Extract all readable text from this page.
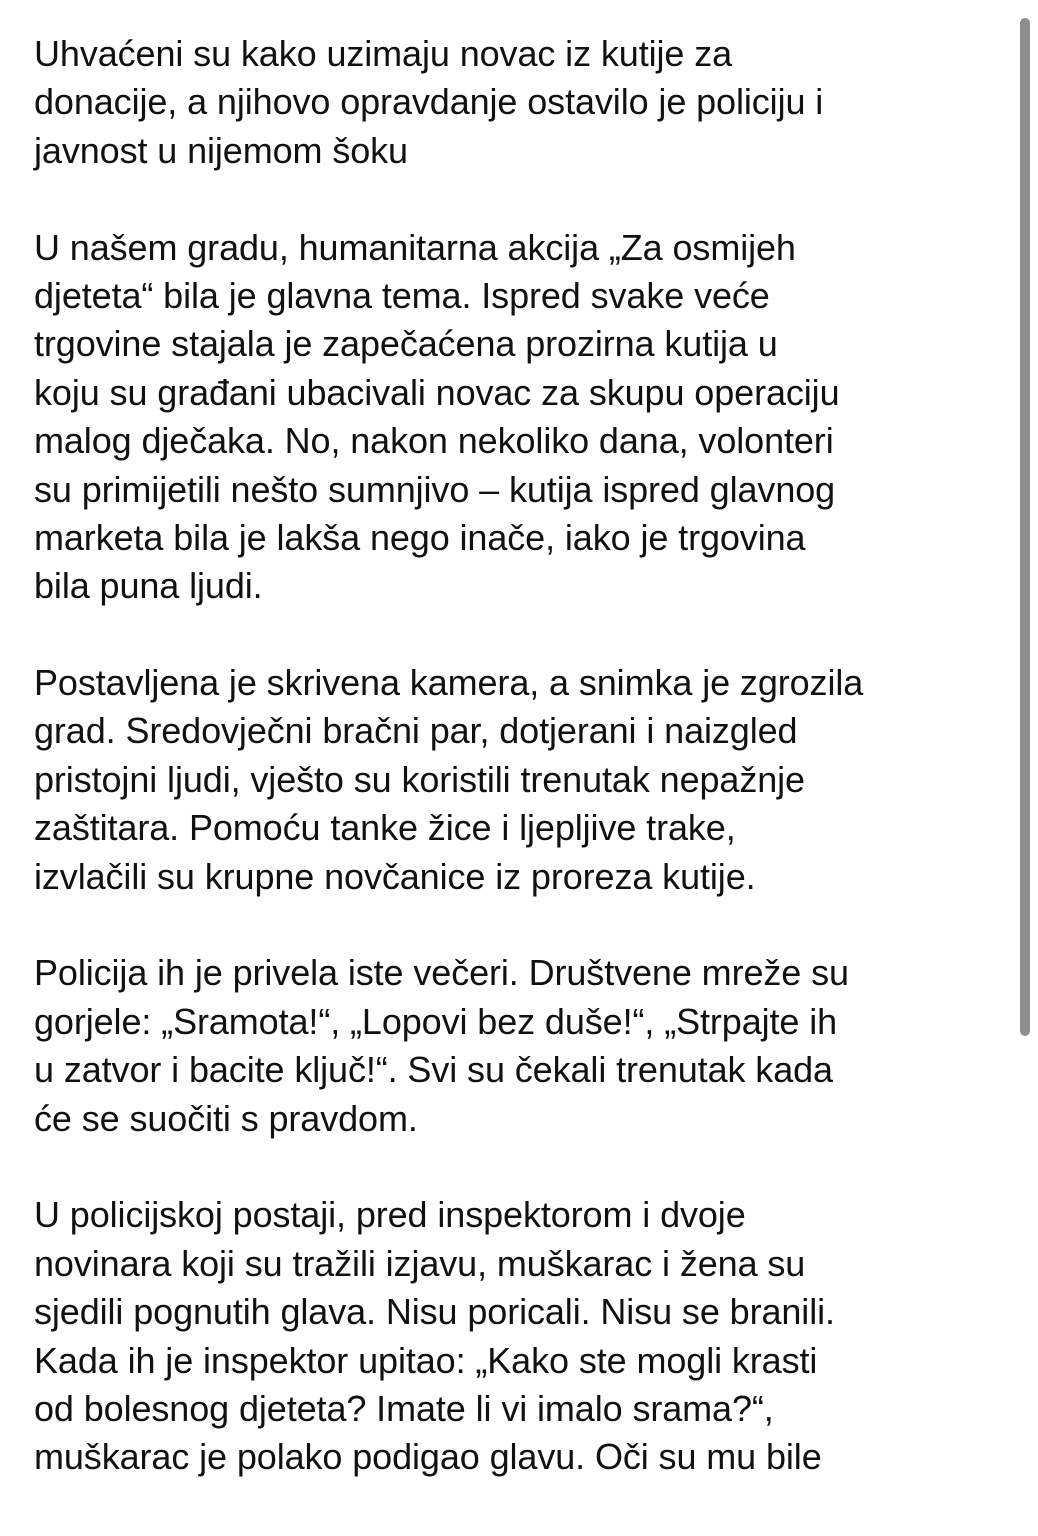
Uhvaćeni su kako uzimaju novac iz kutije za
donacije, a njihovo opravdanje ostavilo je policiju i
javnost u nijemom šoku
U našem gradu, humanitarna akcija „Za osmijeh
djeteta“ bila je glavna tema. Ispred svake veće
trgovine stajala je zapečaćena prozirna kutija u
koju su građani ubacivali novac za skupu operaciju
malog dječaka. No, nakon nekoliko dana, volonteri
su primijetili nešto sumnjivo – kutija ispred glavnog
marketa bila je lakša nego inače, iako je trgovina
bila puna ljudi.
Postavljena je skrivena kamera, a snimka je zgrozila
grad. Sredovječni bračni par, dotjerani i naizgled
pristojni ljudi, vješto su koristili trenutak nepažnje
zaštitara. Pomoću tanke žice i ljepljive trake,
izvlačili su krupne novčanice iz proreza kutije.
Policija ih je privela iste večeri. Društvene mreže su
gorjele: „Sramota!“, „Lopovi bez duše!“, „Strpajte ih
u zatvor i bacite ključ!“. Svi su čekali trenutak kada
će se suočiti s pravdom.
U policijskoj postaji, pred inspektorom i dvoje
novinara koji su tražili izjavu, muškarac i žena su
sjedili pognutih glava. Nisu poricali. Nisu se branili.
Kada ih je inspektor upitao: „Kako ste mogli krasti
od bolesnog djeteta? Imate li vi imalo srama?“,
muškarac je polako podigao glavu. Oči su mu bile
